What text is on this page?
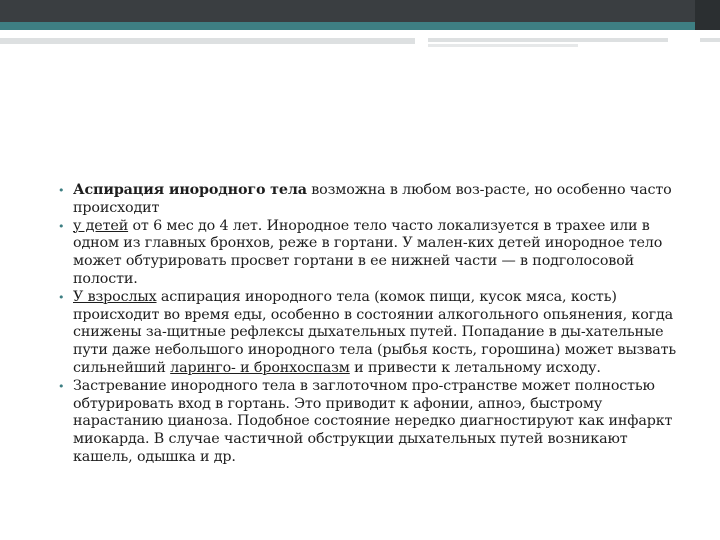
• Аспирация инородного тела возможна в любом воз-расте, но особенно часто происходит

• у детей от 6 мес до 4 лет. Инородное тело часто локализуется в трахее или в одном из главных бронхов, реже в гортани. У мален-ких детей инородное тело может обтурировать просвет гортани в ее нижней части — в подголосовой полости.

• У взрослых аспирация инородного тела (комок пищи, кусок мяса, кость) происходит во время еды, особенно в состоянии алкогольного опьянения, когда снижены за-щитные рефлексы дыхательных путей. Попадание в ды-хательные пути даже небольшого инородного тела (рыбья кость, горошина) может вызвать сильнейший ларинго- и бронхоспазм и привести к летальному исходу.

• Застревание инородного тела в заглоточном про-странстве может полностью обтурировать вход в гортань. Это приводит к афонии, апноэ, быстрому нарастанию цианоза. Подобное состояние нередко диагностируют как инфаркт миокарда. В случае частичной обструкции дыхательных путей возникают кашель, одышка и др.
